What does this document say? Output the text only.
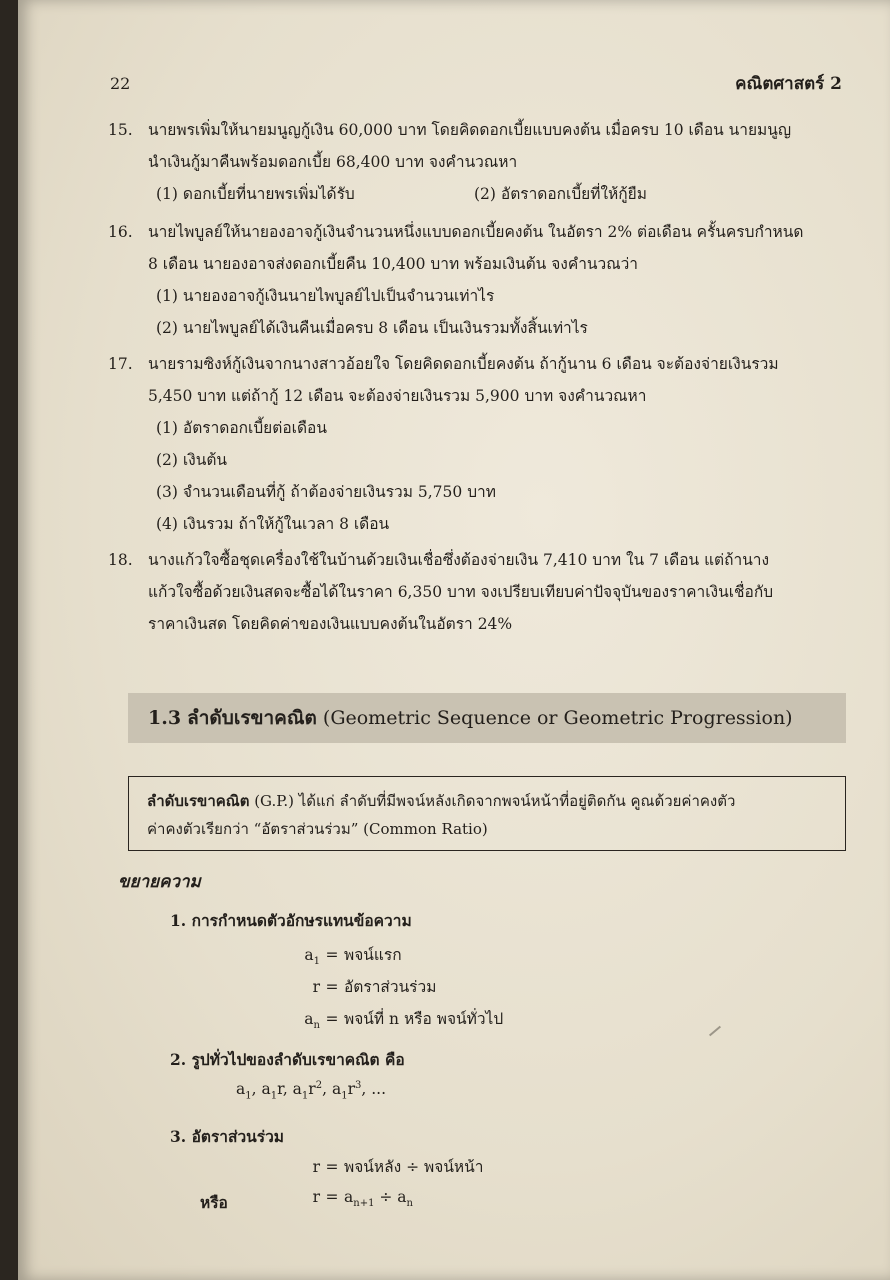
22	คณิตศาสตร์ 2
15. นายพรเพิ่มให้นายมนูญกู้เงิน 60,000 บาท โดยคิดดอกเบี้ยแบบคงต้น เมื่อครบ 10 เดือน นายมนูญ
นำเงินกู้มาคืนพร้อมดอกเบี้ย 68,400 บาท จงคำนวณหา
(1) ดอกเบี้ยที่นายพรเพิ่มได้รับ	(2) อัตราดอกเบี้ยที่ให้กู้ยืม
16. นายไพบูลย์ให้นายองอาจกู้เงินจำนวนหนึ่งแบบดอกเบี้ยคงต้น ในอัตรา 2% ต่อเดือน ครั้นครบกำหนด
8 เดือน นายองอาจส่งดอกเบี้ยคืน 10,400 บาท พร้อมเงินต้น จงคำนวณว่า
(1) นายองอาจกู้เงินนายไพบูลย์ไปเป็นจำนวนเท่าไร
(2) นายไพบูลย์ได้เงินคืนเมื่อครบ 8 เดือน เป็นเงินรวมทั้งสิ้นเท่าไร
17. นายรามซิงห์กู้เงินจากนางสาวอ้อยใจ โดยคิดดอกเบี้ยคงต้น ถ้ากู้นาน 6 เดือน จะต้องจ่ายเงินรวม
5,450 บาท แต่ถ้ากู้ 12 เดือน จะต้องจ่ายเงินรวม 5,900 บาท จงคำนวณหา
(1) อัตราดอกเบี้ยต่อเดือน
(2) เงินต้น
(3) จำนวนเดือนที่กู้ ถ้าต้องจ่ายเงินรวม 5,750 บาท
(4) เงินรวม ถ้าให้กู้ในเวลา 8 เดือน
18. นางแก้วใจซื้อชุดเครื่องใช้ในบ้านด้วยเงินเชื่อซึ่งต้องจ่ายเงิน 7,410 บาท ใน 7 เดือน แต่ถ้านาง
แก้วใจซื้อด้วยเงินสดจะซื้อได้ในราคา 6,350 บาท จงเปรียบเทียบค่าปัจจุบันของราคาเงินเชื่อกับ
ราคาเงินสด โดยคิดค่าของเงินแบบคงต้นในอัตรา 24%
1.3 ลำดับเรขาคณิต (Geometric Sequence or Geometric Progression)
ลำดับเรขาคณิต (G.P.) ได้แก่ ลำดับที่มีพจน์หลังเกิดจากพจน์หน้าที่อยู่ติดกัน คูณด้วยค่าคงตัว
ค่าคงตัวเรียกว่า “อัตราส่วนร่วม” (Common Ratio)
ขยายความ
1. การกำหนดตัวอักษรแทนข้อความ
$a_1$ = พจน์แรก
r = อัตราส่วนร่วม
$a_n$ = พจน์ที่ n หรือ พจน์ทั่วไป
2. รูปทั่วไปของลำดับเรขาคณิต คือ
$a_1$, $a_1r$, $a_1r^2$, $a_1r^3$, ...
3. อัตราส่วนร่วม
r = พจน์หลัง ÷ พจน์หน้า
หรือ	$r = a_{n+1} \div a_n$
